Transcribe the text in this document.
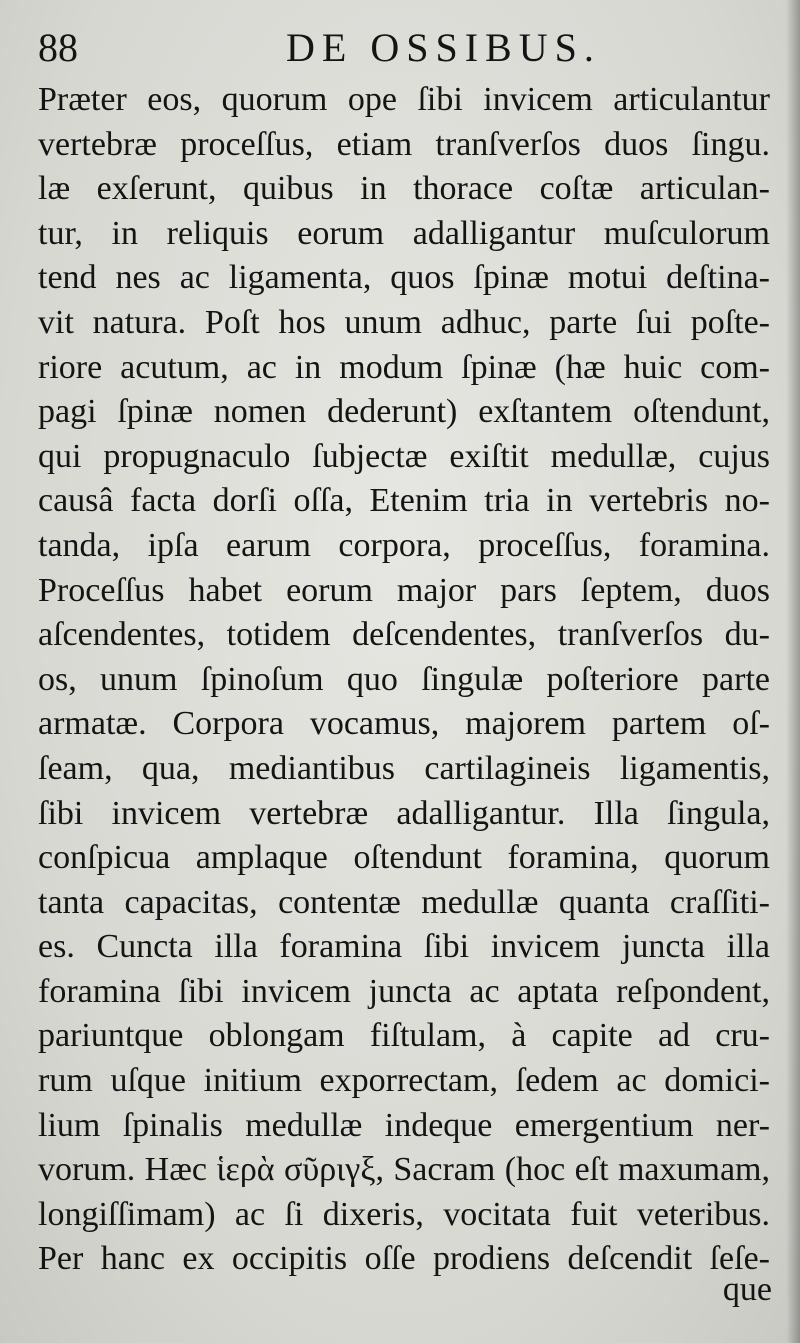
88	DE OSSIBUS.
Præter eos, quorum ope ſibi invicem articulantur
vertebræ proceſſus, etiam tranſverſos duos ſingu.
læ exſerunt, quibus in thorace coſtæ articulan-
tur, in reliquis eorum adalligantur muſculorum
tend nes ac ligamenta, quos ſpinæ motui deſtina-
vit natura. Poſt hos unum adhuc, parte ſui poſte-
riore acutum, ac in modum ſpinæ (hæ huic com-
pagi ſpinæ nomen dederunt) exſtantem oſtendunt,
qui propugnaculo ſubjectæ exiſtit medullæ, cujus
causâ facta dorſi oſſa, Etenim tria in vertebris no-
tanda, ipſa earum corpora, proceſſus, foramina.
Proceſſus habet eorum major pars ſeptem, duos
aſcendentes, totidem deſcendentes, tranſverſos du-
os, unum ſpinoſum quo ſingulæ poſteriore parte
armatæ. Corpora vocamus, majorem partem oſ-
ſeam, qua, mediantibus cartilagineis ligamentis,
ſibi invicem vertebræ adalligantur. Illa ſingula,
conſpicua amplaque oſtendunt foramina, quorum
tanta capacitas, contentæ medullæ quanta craſſiti-
es. Cuncta illa foramina ſibi invicem juncta illa
foramina ſibi invicem juncta ac aptata reſpondent,
pariuntque oblongam fiſtulam, à capite ad cru-
rum uſque initium exporrectam, ſedem ac domici-
lium ſpinalis medullæ indeque emergentium ner-
vorum. Hæc ἱερὰ σῦριγξ, Sacram (hoc eſt maxumam,
longiſſimam) ac ſi dixeris, vocitata fuit veteribus.
Per hanc ex occipitis oſſe prodiens deſcendit ſeſe-
que
